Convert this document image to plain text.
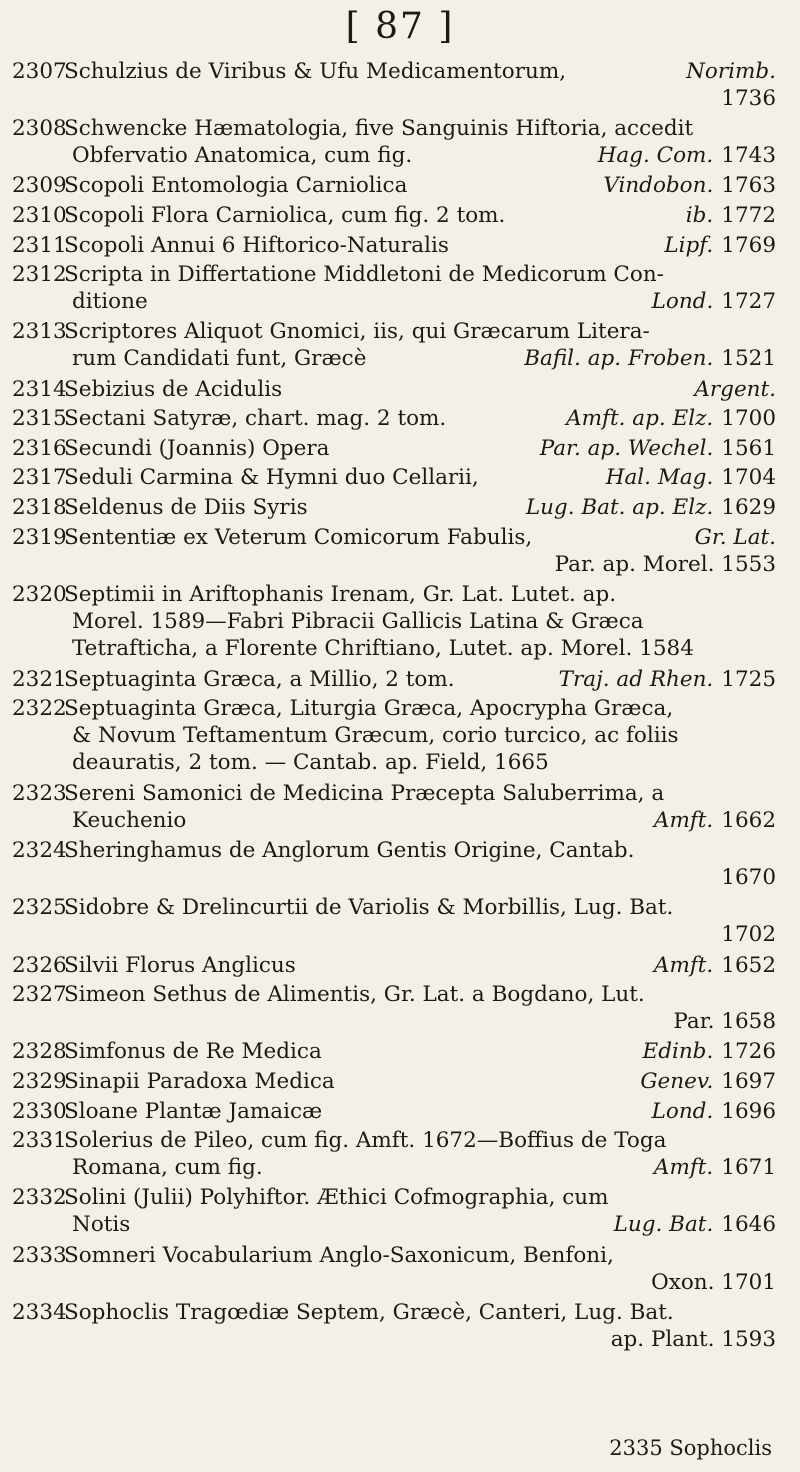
[ 87 ]
2307
Schulzius de Viribus & Ufu Medicamentorum,	Norimb.
1736
2308
Schwencke Hæmatologia, five Sanguinis Hiftoria, accedit
Obfervatio Anatomica, cum fig.	Hag. Com. 1743
2309
Scopoli Entomologia Carniolica	Vindobon. 1763
2310
Scopoli Flora Carniolica, cum fig. 2 tom.	ib. 1772
2311
Scopoli Annui 6 Hiftorico-Naturalis	Lipf. 1769
2312
Scripta in Differtatione Middletoni de Medicorum Con-
ditione	Lond. 1727
2313
Scriptores Aliquot Gnomici, iis, qui Græcarum Litera-
rum Candidati funt, Græcè	Bafil. ap. Froben. 1521
2314
Sebizius de Acidulis	Argent.
2315
Sectani Satyræ, chart. mag. 2 tom.	Amft. ap. Elz. 1700
2316
Secundi (Joannis) Opera	Par. ap. Wechel. 1561
2317
Seduli Carmina & Hymni duo Cellarii,	Hal. Mag. 1704
2318
Seldenus de Diis Syris	Lug. Bat. ap. Elz. 1629
2319
Sententiæ ex Veterum Comicorum Fabulis,	Gr. Lat.
Par. ap. Morel. 1553
2320
Septimii in Ariftophanis Irenam, Gr. Lat. Lutet. ap.
Morel. 1589—Fabri Pibracii Gallicis Latina & Græca
Tetrafticha, a Florente Chriftiano, Lutet. ap. Morel. 1584
2321
Septuaginta Græca, a Millio, 2 tom.	Traj. ad Rhen. 1725
2322
Septuaginta Græca, Liturgia Græca, Apocrypha Græca,
& Novum Teftamentum Græcum, corio turcico, ac foliis
deauratis, 2 tom. — Cantab. ap. Field, 1665
2323
Sereni Samonici de Medicina Præcepta Saluberrima, a
Keuchenio	Amft. 1662
2324
Sheringhamus de Anglorum Gentis Origine, Cantab.
1670
2325
Sidobre & Drelincurtii de Variolis & Morbillis, Lug. Bat.
1702
2326
Silvii Florus Anglicus	Amft. 1652
2327
Simeon Sethus de Alimentis, Gr. Lat. a Bogdano, Lut.
Par. 1658
2328
Simfonus de Re Medica	Edinb. 1726
2329
Sinapii Paradoxa Medica	Genev. 1697
2330
Sloane Plantæ Jamaicæ	Lond. 1696
2331
Solerius de Pileo, cum fig. Amft. 1672—Boffius de Toga
Romana, cum fig.	Amft. 1671
2332
Solini (Julii) Polyhiftor. Æthici Cofmographia, cum
Notis	Lug. Bat. 1646
2333
Somneri Vocabularium Anglo-Saxonicum, Benfoni,
Oxon. 1701
2334
Sophoclis Tragœdiæ Septem, Græcè, Canteri, Lug. Bat.
ap. Plant. 1593
2335 Sophoclis
